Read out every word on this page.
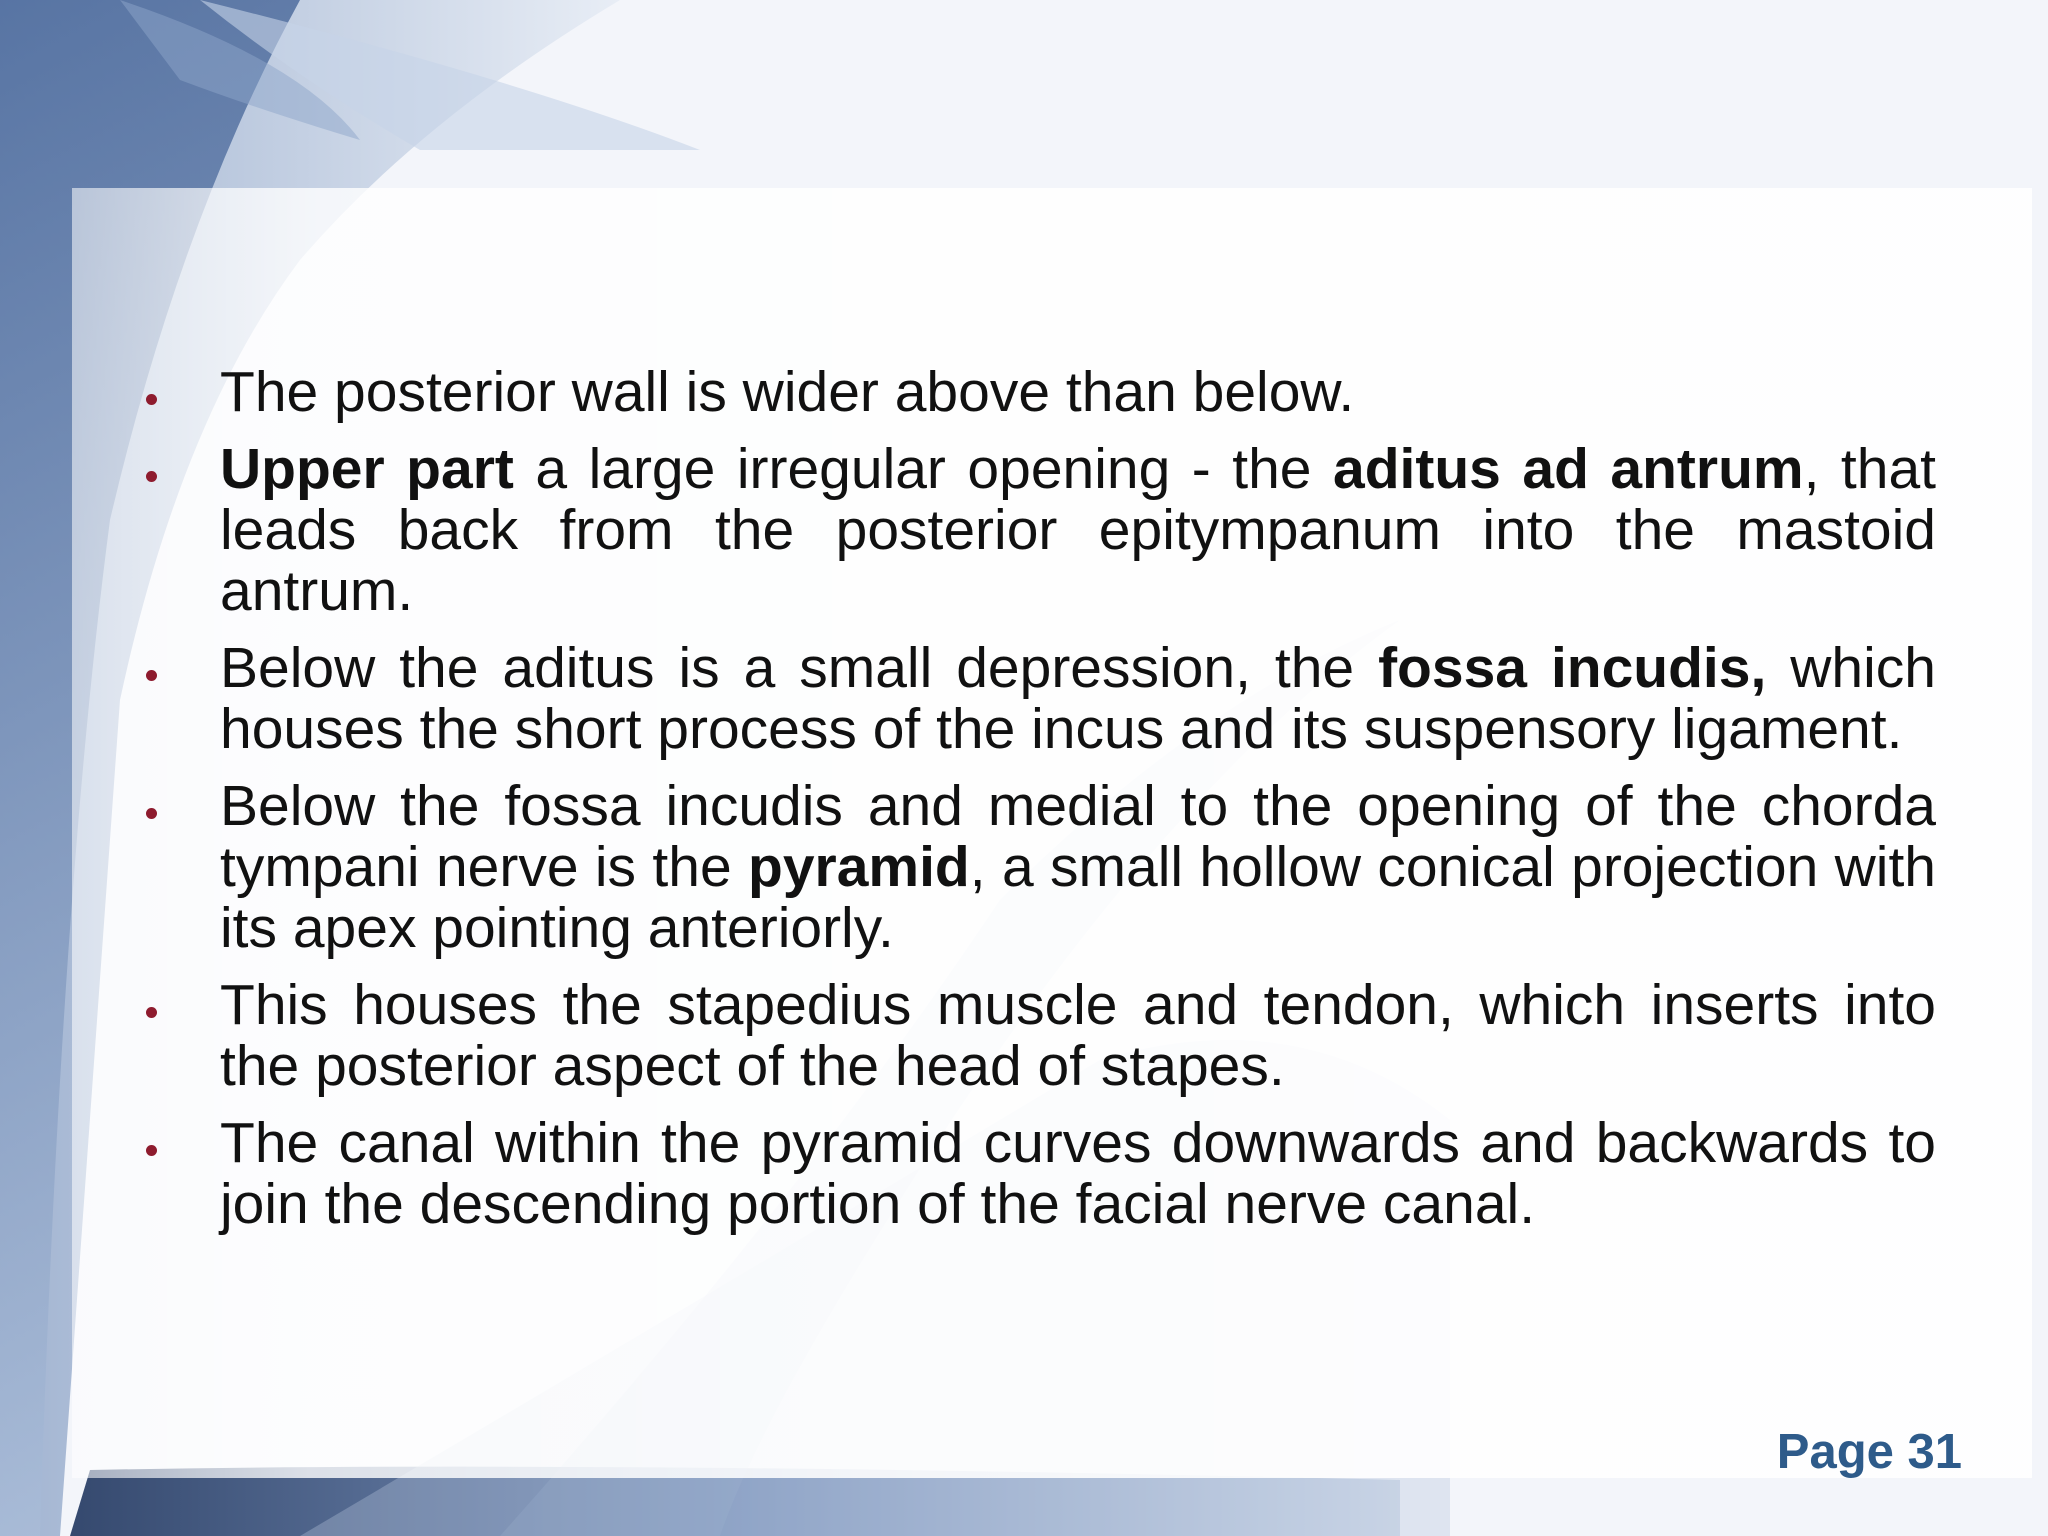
The posterior wall is wider above than below.
Upper part a large irregular opening - the aditus ad antrum, that leads back from the posterior epitympanum into the mastoid antrum.
Below the aditus is a small depression, the fossa incudis, which houses the short process of the incus and its suspensory ligament.
Below the fossa incudis and medial to the opening of the chorda tympani nerve is the pyramid, a small hollow conical projection with its apex pointing anteriorly.
This houses the stapedius muscle and tendon, which inserts into the posterior aspect of the head of stapes.
The canal within the pyramid curves downwards and backwards to join the descending portion of the facial nerve canal.
Page 31
